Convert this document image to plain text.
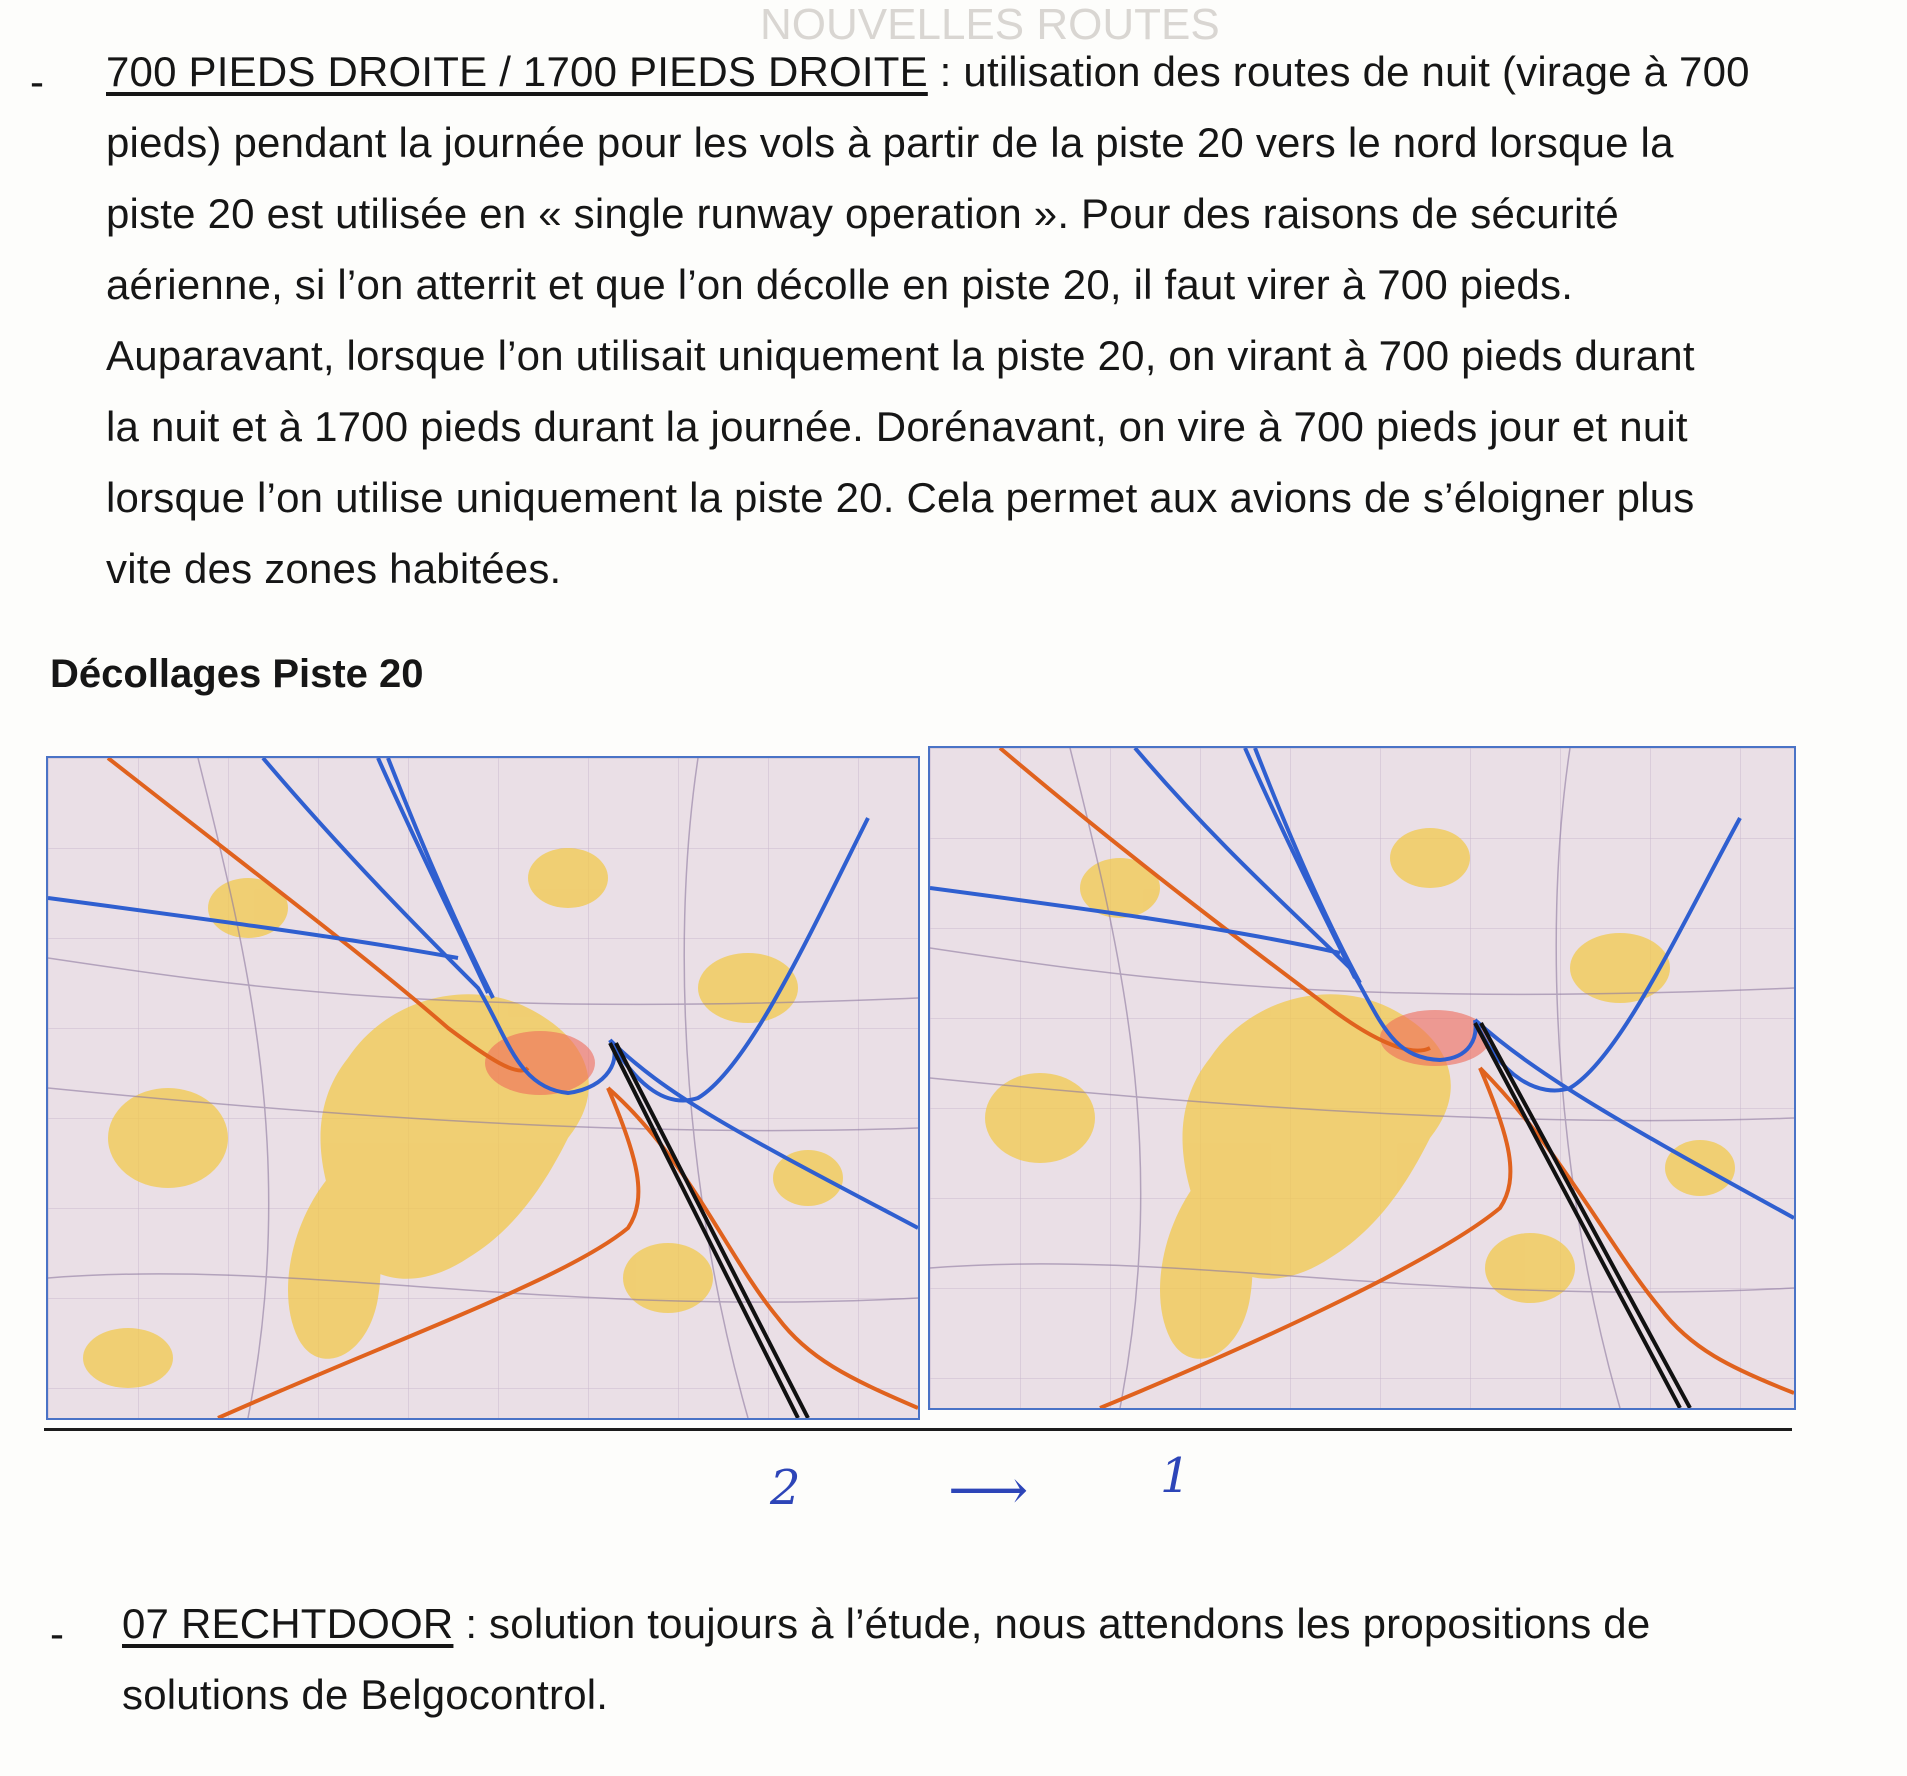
NOUVELLES ROUTES
- 700 PIEDS DROITE / 1700 PIEDS DROITE : utilisation des routes de nuit (virage à 700
pieds) pendant la journée pour les vols à partir de la piste 20 vers le nord lorsque la
piste 20 est utilisée en « single runway operation ». Pour des raisons de sécurité
aérienne, si l’on atterrit et que l’on décolle en piste 20, il faut virer à 700 pieds.
Auparavant, lorsque l’on utilisait uniquement la piste 20, on virant à 700 pieds durant
la nuit et à 1700 pieds durant la journée. Dorénavant, on vire à 700 pieds jour et nuit
lorsque l’on utilise uniquement la piste 20. Cela permet aux avions de s’éloigner plus
vite des zones habitées.
Décollages Piste 20
2	⟶	1
- 07 RECHTDOOR : solution toujours à l’étude, nous attendons les propositions de
solutions de Belgocontrol.
